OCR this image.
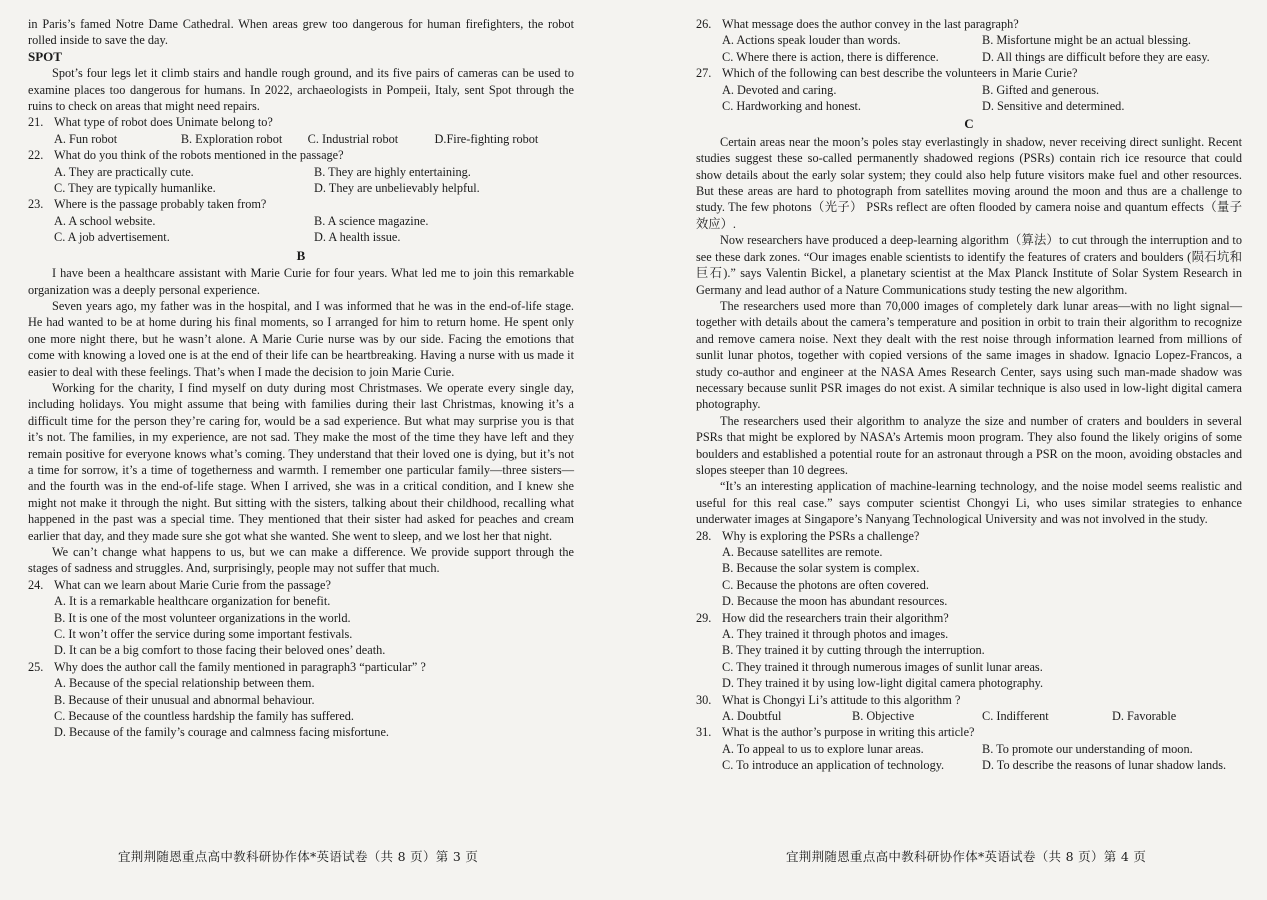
in Paris’s famed Notre Dame Cathedral. When areas grew too dangerous for human firefighters, the robot rolled inside to save the day.

SPOT

Spot’s four legs let it climb stairs and handle rough ground, and its five pairs of cameras can be used to examine places too dangerous for humans. In 2022, archaeologists in Pompeii, Italy, sent Spot through the ruins to check on areas that might need repairs.

21. What type of robot does Unimate belong to?
A. Fun robot	B. Exploration robot	C. Industrial robot	D.Fire-fighting robot
22. What do you think of the robots mentioned in the passage?
A. They are practically cute.	B. They are highly entertaining.
C. They are typically humanlike.	D. They are unbelievably helpful.
23. Where is the passage probably taken from?
A. A school website.	B. A science magazine.
C. A job advertisement.	D. A health issue.
B

I have been a healthcare assistant with Marie Curie for four years. What led me to join this remarkable organization was a deeply personal experience.

Seven years ago, my father was in the hospital, and I was informed that he was in the end-of-life stage. He had wanted to be at home during his final moments, so I arranged for him to return home. He spent only one more night there, but he wasn’t alone. A Marie Curie nurse was by our side. Facing the emotions that come with knowing a loved one is at the end of their life can be heartbreaking. Having a nurse with us made it easier to deal with these feelings. That’s when I made the decision to join Marie Curie.

Working for the charity, I find myself on duty during most Christmases. We operate every single day, including holidays. You might assume that being with families during their last Christmas, knowing it’s a difficult time for the person they’re caring for, would be a sad experience. But what may surprise you is that it’s not. The families, in my experience, are not sad. They make the most of the time they have left and they remain positive for everyone knows what’s coming. They understand that their loved one is dying, but it’s not a time for sorrow, it’s a time of togetherness and warmth. I remember one particular family—three sisters— and the fourth was in the end-of-life stage. When I arrived, she was in a critical condition, and I knew she might not make it through the night. But sitting with the sisters, talking about their childhood, recalling what happened in the past was a special time. They mentioned that their sister had asked for peaches and cream earlier that day, and they made sure she got what she wanted. She went to sleep, and we lost her that night.

We can’t change what happens to us, but we can make a difference. We provide support through the stages of sadness and struggles. And, surprisingly, people may not suffer that much.

24. What can we learn about Marie Curie from the passage?
A. It is a remarkable healthcare organization for benefit.
B. It is one of the most volunteer organizations in the world.
C. It won’t offer the service during some important festivals.
D. It can be a big comfort to those facing their beloved ones’ death.
25. Why does the author call the family mentioned in paragraph3 “particular” ?
A. Because of the special relationship between them.
B. Because of their unusual and abnormal behaviour.
C. Because of the countless hardship the family has suffered.
D. Because of the family’s courage and calmness facing misfortune.
26. What message does the author convey in the last paragraph?
A. Actions speak louder than words.	B. Misfortune might be an actual blessing.
C. Where there is action, there is difference.	D. All things are difficult before they are easy.
27. Which of the following can best describe the volunteers in Marie Curie?
A. Devoted and caring.	B. Gifted and generous.
C. Hardworking and honest.	D. Sensitive and determined.
C

Certain areas near the moon’s poles stay everlastingly in shadow, never receiving direct sunlight. Recent studies suggest these so-called permanently shadowed regions (PSRs) contain rich ice resource that could show details about the early solar system; they could also help future visitors make fuel and other resources. But these areas are hard to photograph from satellites moving around the moon and thus are a challenge to study. The few photons（光子） PSRs reflect are often flooded by camera noise and quantum effects（量子效应）.

Now researchers have produced a deep-learning algorithm（算法）to cut through the interruption and to see these dark zones. “Our images enable scientists to identify the features of craters and boulders (陨石坑和巨石).” says Valentin Bickel, a planetary scientist at the Max Planck Institute of Solar System Research in Germany and lead author of a Nature Communications study testing the new algorithm.

The researchers used more than 70,000 images of completely dark lunar areas—with no light signal—together with details about the camera’s temperature and position in orbit to train their algorithm to recognize and remove camera noise. Next they dealt with the rest noise through information learned from millions of sunlit lunar photos, together with copied versions of the same images in shadow. Ignacio Lopez-Francos, a study co-author and engineer at the NASA Ames Research Center, says using such man-made shadow was necessary because sunlit PSR images do not exist. A similar technique is also used in low-light digital camera photography.

The researchers used their algorithm to analyze the size and number of craters and boulders in several PSRs that might be explored by NASA’s Artemis moon program. They also found the likely origins of some boulders and established a potential route for an astronaut through a PSR on the moon, avoiding obstacles and slopes steeper than 10 degrees.

“It’s an interesting application of machine-learning technology, and the noise model seems realistic and useful for this real case.” says computer scientist Chongyi Li, who uses similar strategies to enhance underwater images at Singapore’s Nanyang Technological University and was not involved in the study.

28. Why is exploring the PSRs a challenge?
A. Because satellites are remote.
B. Because the solar system is complex.
C. Because the photons are often covered.
D. Because the moon has abundant resources.
29. How did the researchers train their algorithm?
A. They trained it through photos and images.
B. They trained it by cutting through the interruption.
C. They trained it through numerous images of sunlit lunar areas.
D. They trained it by using low-light digital camera photography.
30. What is Chongyi Li’s attitude to this algorithm ?
A. Doubtful	B. Objective	C. Indifferent	D. Favorable
31. What is the author’s purpose in writing this article?
A. To appeal to us to explore lunar areas.	B. To promote our understanding of moon.
C. To introduce an application of technology.	D. To describe the reasons of lunar shadow lands.
宜荆荆随恩重点高中教科研协作体*英语试卷（共 8 页）第 3 页	宜荆荆随恩重点高中教科研协作体*英语试卷（共 8 页）第 4 页
